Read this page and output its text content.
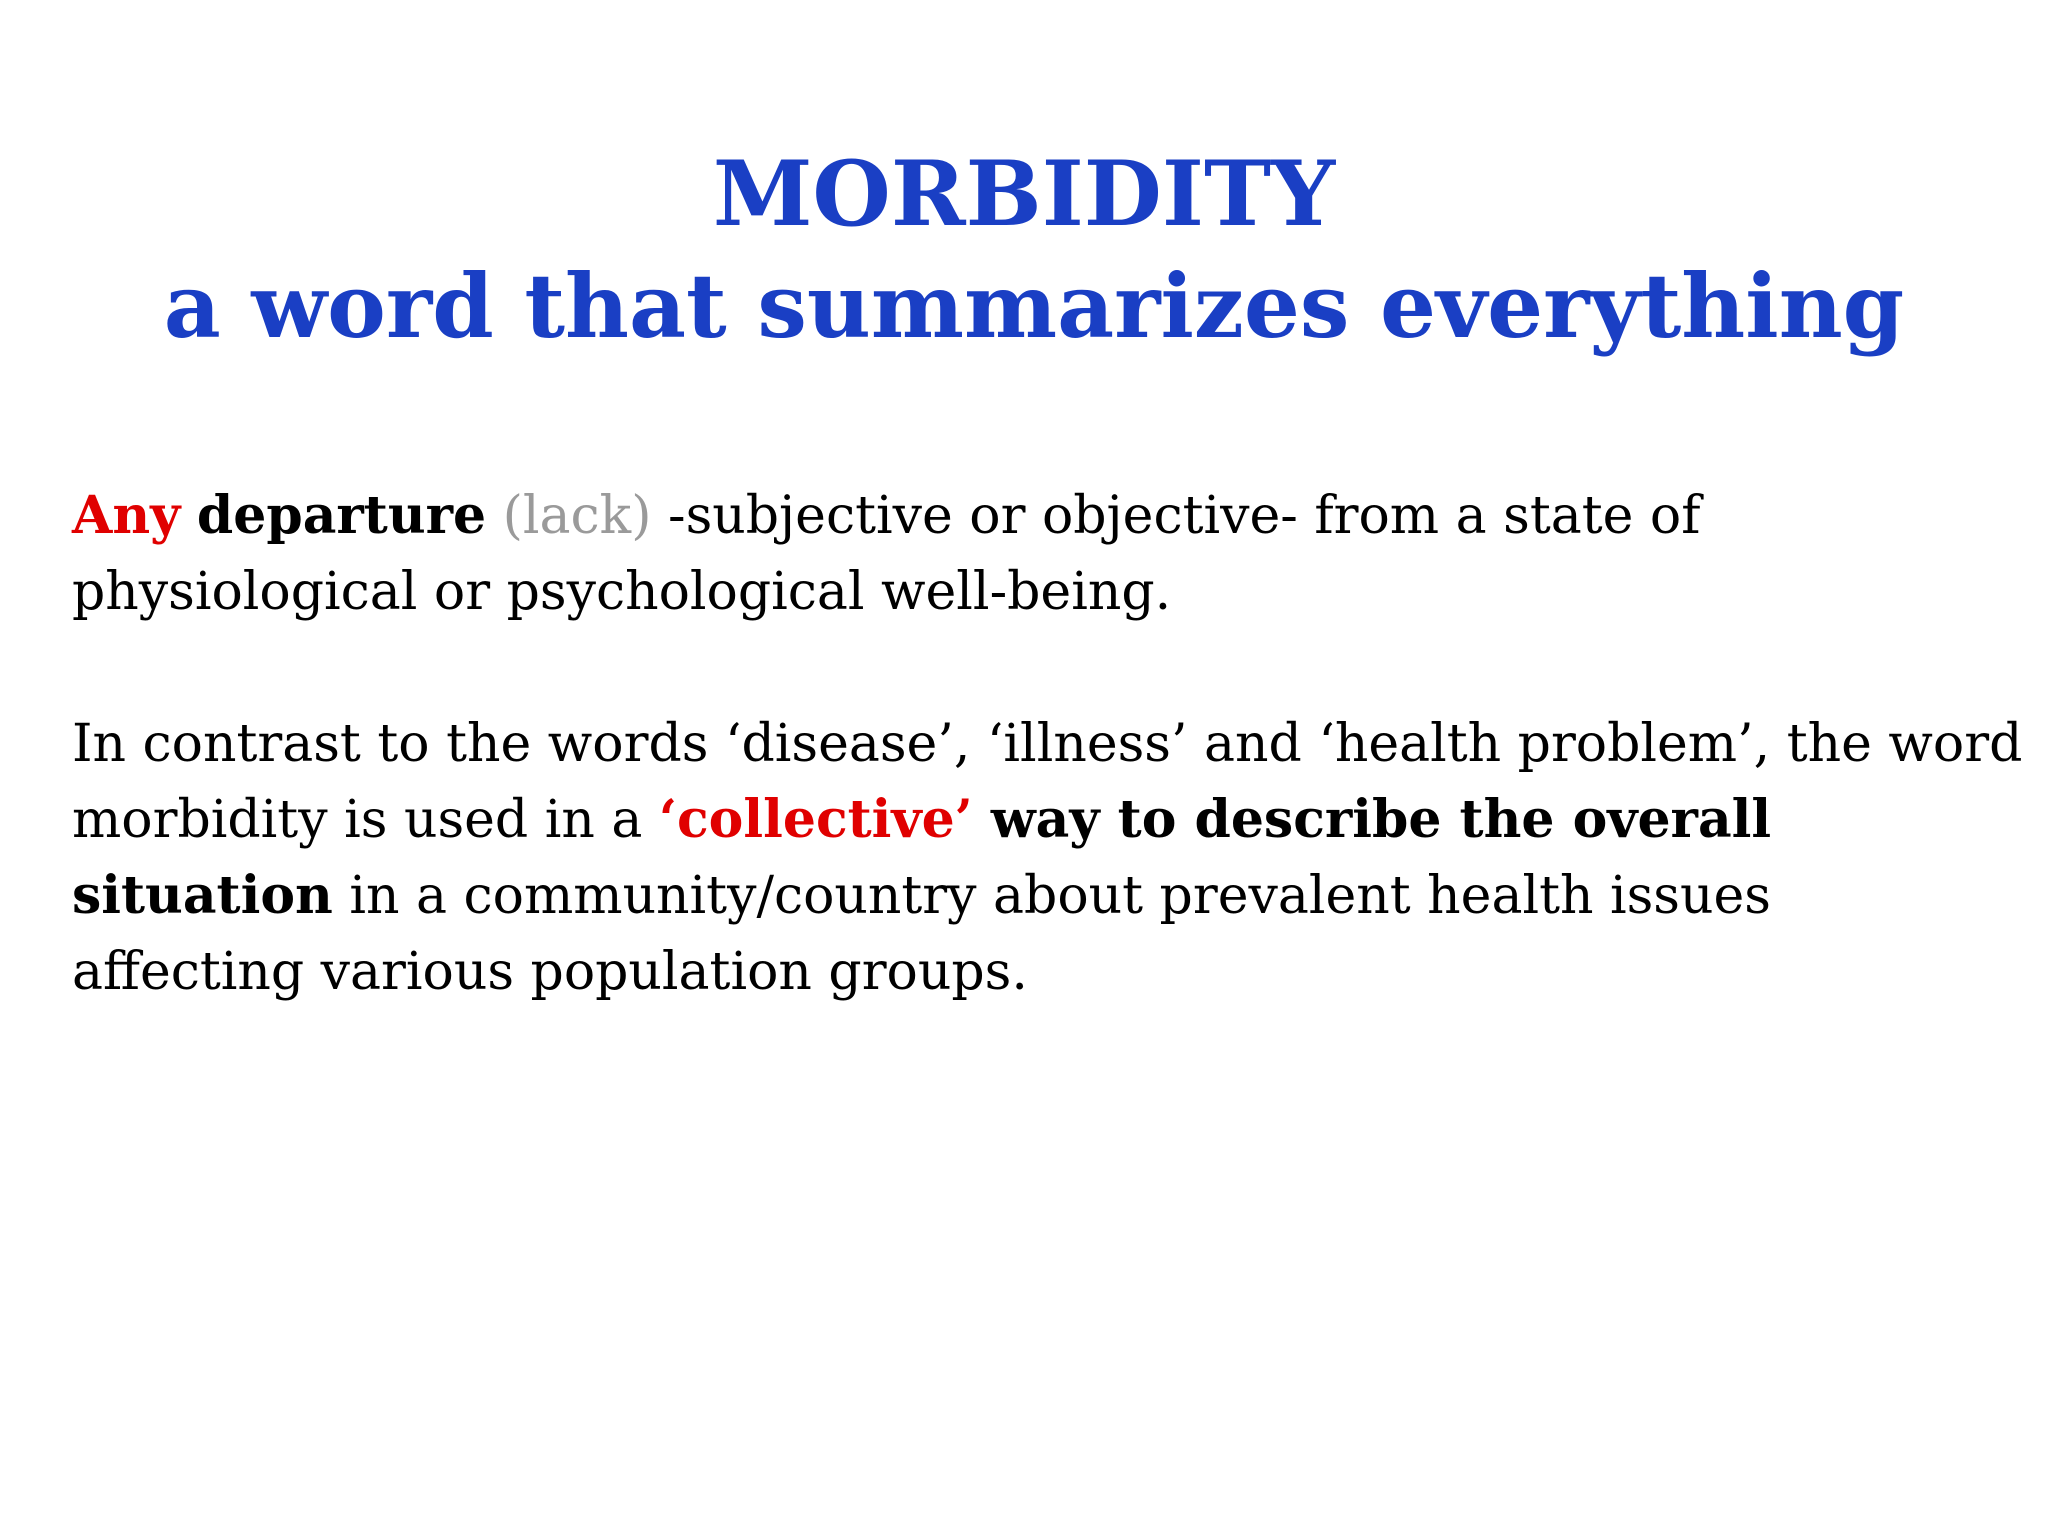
MORBIDITY
a word that summarizes everything

Any departure (lack) -subjective or objective- from a state of
physiological or psychological well-being.

In contrast to the words ‘disease’, ‘illness’ and ‘health problem’, the word
morbidity is used in a ‘collective’ way to describe the overall
situation in a community/country about prevalent health issues
affecting various population groups.
